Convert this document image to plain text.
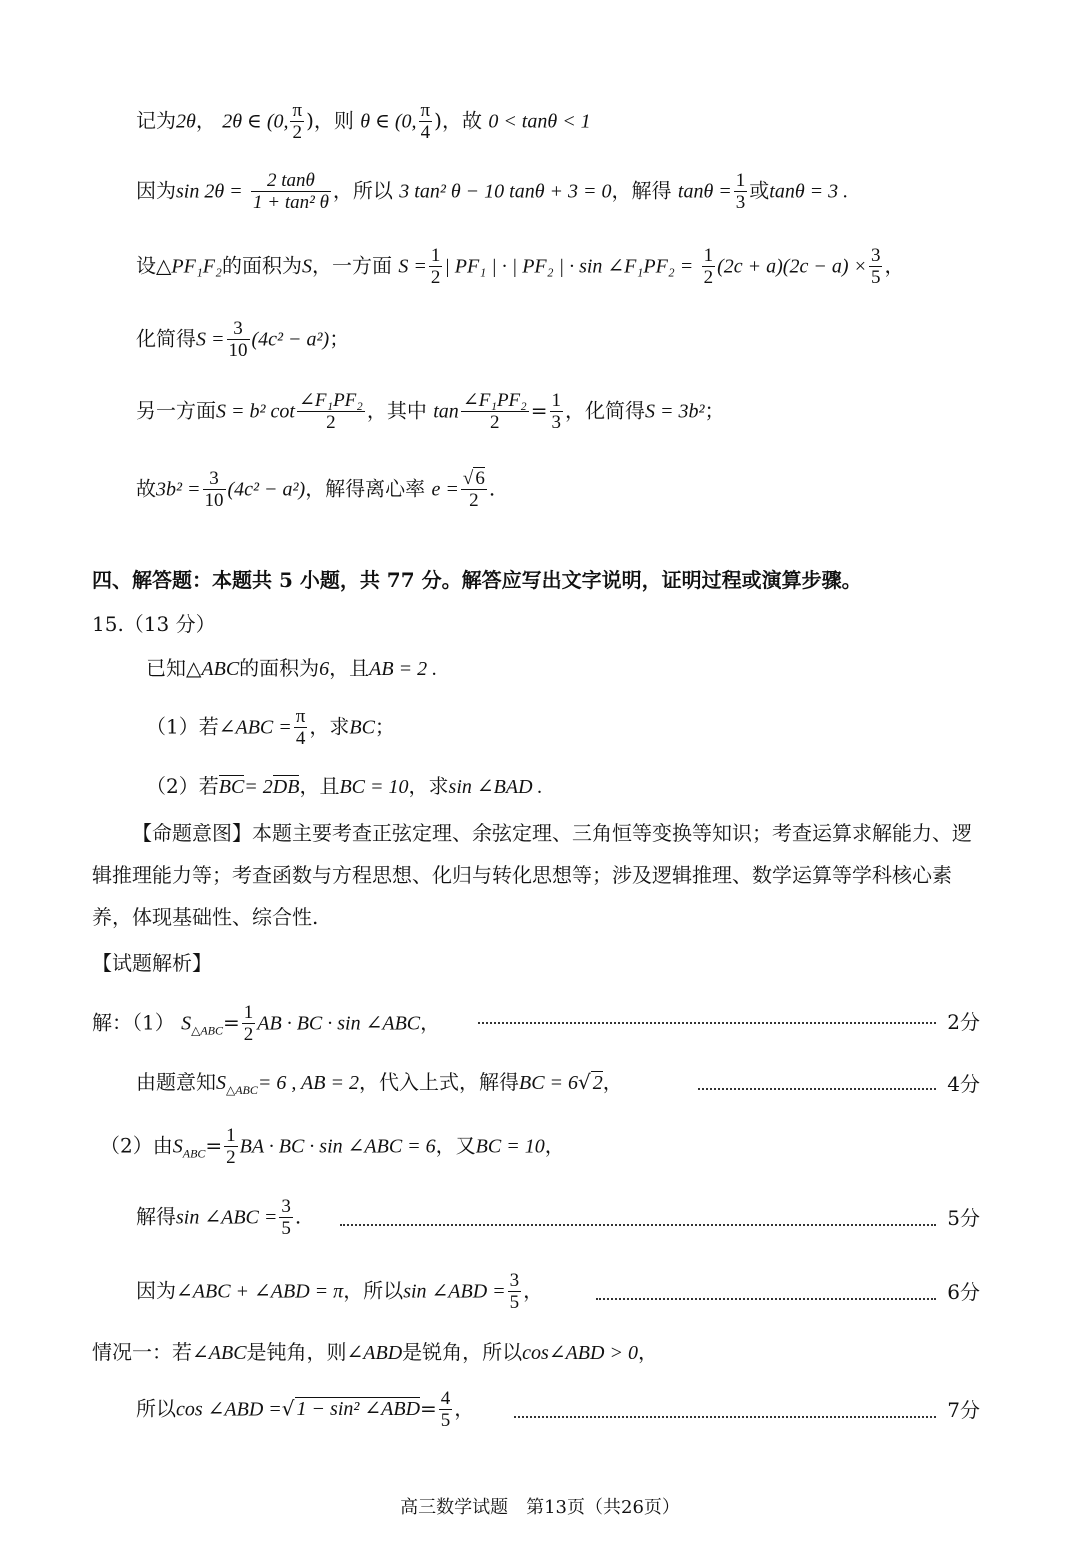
记为2θ， 2θ ∈ (0, $\frac{\pi}{2}$ )，则 θ ∈ (0, $\frac{\pi}{4}$ )，故 0 < tanθ < 1
因为$\sin 2\theta = \frac{2 \tan\theta}{\text{1 + tan² θ}}$ ，所以 3 tan² θ − 10 tanθ + 3 = 0，解得 $\tan\theta = \frac{1}{3}$ 或tanθ = 3 .
设△PF₁F₂的面积为S，一方面 $S = \frac{1}{2}$ | PF₁ | · | PF₂ | · sin ∠F₁PF₂ = $\frac{1}{2} (2c + a)(2c - a) \times \frac{3}{5}$ ，
化简得$S = \frac{3}{10} (4c^2 - a^2)$；
另一方面S = b² $\cot \frac{\text{∠F₁PF₂}}{2}$ ，其中 $\tan \frac{\text{∠F₁PF₂}}{2} = \frac{1}{3}$ ，化简得S = 3b²；
故$3b^2 = \frac{3}{10} (4c^2 - a^2)$，解得离心率 $e = \frac{√ 6}{2}$ .
四、解答题：本题共 5 小题，共 77 分。解答应写出文字说明，证明过程或演算步骤。
15.（13 分）
已知△ABC的面积为6，且AB = 2 .
（1）若∠ABC = $\frac{\pi}{4}$ ，求BC；
（2）若BC= 2DB，且BC = 10，求sin ∠BAD .
【命题意图】本题主要考查正弦定理、余弦定理、三角恒等变换等知识；考查运算求解能力、逻辑推理能力等；考查函数与方程思想、化归与转化思想等；涉及逻辑推理、数学运算等学科核心素养，体现基础性、综合性.
【试题解析】
解：（1） $S_{\triangle ABC}= \frac{1}{2}$ AB · BC · sin ∠ABC，	2分
由题意知$S_{\triangle ABC}= 6$ , AB = 2，代入上式，解得BC = 6√ 2，	4分
（2）由$S_{ABC}= \frac{1}{2}$ BA · BC · sin ∠ABC = 6，又BC = 10，
解得sin ∠ABC = $\frac{3}{5}$ .	5分
因为∠ABC + ∠ABD = π，所以sin ∠ABD = $\frac{3}{5}$ ，	6分
情况一：若∠ABC是钝角，则∠ABD是锐角，所以cos∠ABD > 0，
所以cos ∠ABD =√ 1 − sin² ∠ABD= $\frac{4}{5}$ ，	7分
高三数学试题　第13页（共26页）
